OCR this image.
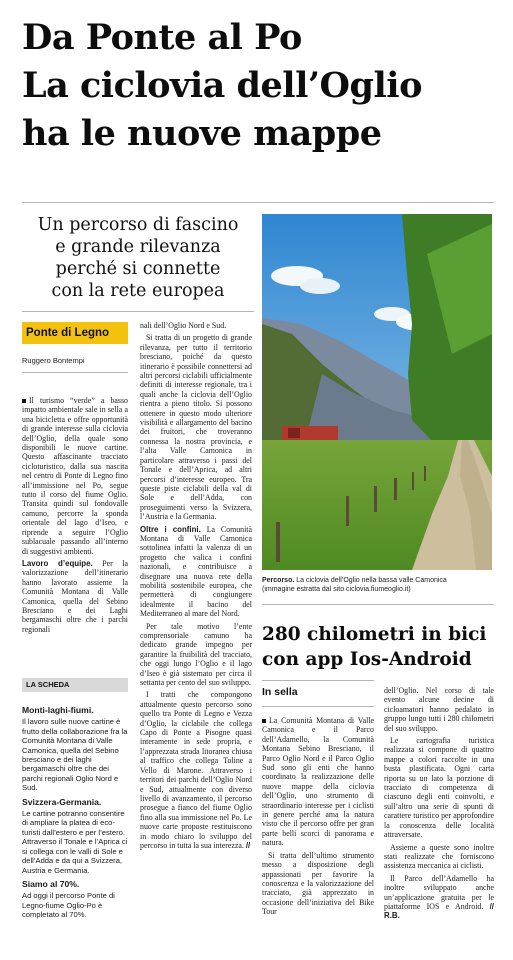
Da Ponte al Po
La ciclovia dell’Oglio
ha le nuove mappe
Un percorso di fascino
e grande rilevanza
perché si connette
con la rete europea
Ponte di Legno
Ruggero Bontempi

Il turismo “verde” a basso impatto ambientale sale in sella a una bicicletta e offre opportunità di grande interesse sulla ciclovia dell’Oglio, della quale sono disponibili le nuove cartine. Questo affascinante tracciato cicloturistico, dalla sua nascita nel centro di Ponte di Legno fino all’immissione nel Po, segue tutto il corso del fiume Oglio. Transita quindi sul fondovalle camuno, percorre la sponda orientale del lago d’Iseo, e riprende a seguire l’Oglio sublacuale passando all’interno di suggestivi ambienti.

Lavoro d’equipe. Per la valorizzazione dell’itinerario hanno lavorato assieme la Comunità Montana di Valle Camonica, quella del Sebino Bresciano e dei Laghi bergamaschi oltre che i parchi regionali

LA SCHEDA

Monti-laghi-fiumi.
Il lavoro sulle nuove cartine è frutto della collaborazione fra la Comunità Montana di Valle Camonica, quella del Sebino bresciano e dei laghi bergamaschi oltre che dei parchi regionali Oglio Nord e Sud.

Svizzera-Germania.
Le cartine potranno consentire di ampliare la platea di eco-turisti dall’estero e per l’estero. Attraverso il Tonale e l’Aprica ci si collega con le valli di Sole e dell’Adda e da qui a Svizzera, Austria e Germania.

Siamo al 70%.
Ad oggi il percorso Ponte di Legno-fiume Oglio-Po è completato al 70%.

nali dell’Oglio Nord e Sud.

Si tratta di un progetto di grande rilevanza, per tutto il territorio bresciano, poiché da questo itinerario è possibile connettersi ad altri percorsi ciclabili ufficialmente definiti di interesse regionale, tra i quali anche la ciclovia dell’Oglio rientra a pieno titolo. Si possono ottenere in questo modo ulteriore visibilità e allargamento del bacino dei fruitori, che troveranno connessa la nostra provincia, e l’alta Valle Camonica in particolare attraverso i passi del Tonale e dell’Aprica, ad altri percorsi d’interesse europeo. Tra queste piste ciclabili della val di Sole e dell’Adda, con proseguimenti verso la Svizzera, l’Austria e la Germania.

Oltre i confini. La Comunità Montana di Valle Camonica sottolinea infatti la valenza di un progetto che valica i confini nazionali, e contribuisce a disegnare una nuova rete della mobilità sostenibile europea, che permetterà di congiungere idealmente il bacino del Mediterraneo al mare del Nord.

Per tale motivo l’ente comprensoriale camuno ha dedicato grande impegno per garantire la fruibilità del tracciato, che oggi lungo l’Oglio e il lago d’Iseo è già sistemato per circa il settanta per cento del suo sviluppo.

I tratti che compongono attualmente questo percorso sono quello tra Ponte di Legno e Vezza d’Oglio, la ciclabile che collega Capo di Ponte a Pisogne quasi interamente in sede propria, e l’apprezzata strada litoranea chiusa al traffico che collega Toline a Vello di Marone. Attraverso i territori dei parchi dell’Oglio Nord e Sud, attualmente con diverso livello di avanzamento, il percorso prosegue a fianco del fiume Oglio fino alla sua immissione nel Po. Le nuove carte proposte restituiscono in modo chiaro lo sviluppo del percorso in tutta la sua interezza. //

Percorso. La ciclovia dell’Oglio nella bassa valle Camonica
(immagine estratta dal sito ciclovia.fiumeoglio.it)
280 chilometri in bici
con app Ios-Android
In sella

La Comunità Montana di Valle Camonica e il Parco dell’Adamello, la Comunità Montana Sebino Bresciano, il Parco Oglio Nord e il Parco Oglio Sud sono gli enti che hanno coordinato la realizzazione delle nuove mappe della ciclovia dell’Oglio, uno strumento di straordinario interesse per i ciclisti in genere perché ama la natura visto che il percorso offre per gran parte belli scorci di panorama e natura.

Si tratta dell’ultimo strumento messo a disposizione degli appassionati per favorire la conoscenza e la valorizzazione del tracciato, già apprezzato in occasione dell’iniziativa del Bike Tour

dell’Oglio. Nel corso di tale evento alcune decine di cicloamatori hanno pedalato in gruppo lungo tutti i 280 chilometri del suo sviluppo.

Le cartografia turistica realizzata si compone di quattro mappe a colori raccolte in una busta plastificata. Ogni carta riporta su un lato la porzione di tracciato di competenza di ciascuno degli enti coinvolti, e sull’altro una serie di spunti di carattere turistico per approfondire la conoscenza delle località attraversate.

Assieme a queste sono inoltre stati realizzate che forniscono assistenza meccanica ai ciclisti.

Il Parco dell’Adamello ha inoltre sviluppato anche un’applicazione gratuita per le piattaforme IOS e Android. // R.B.
